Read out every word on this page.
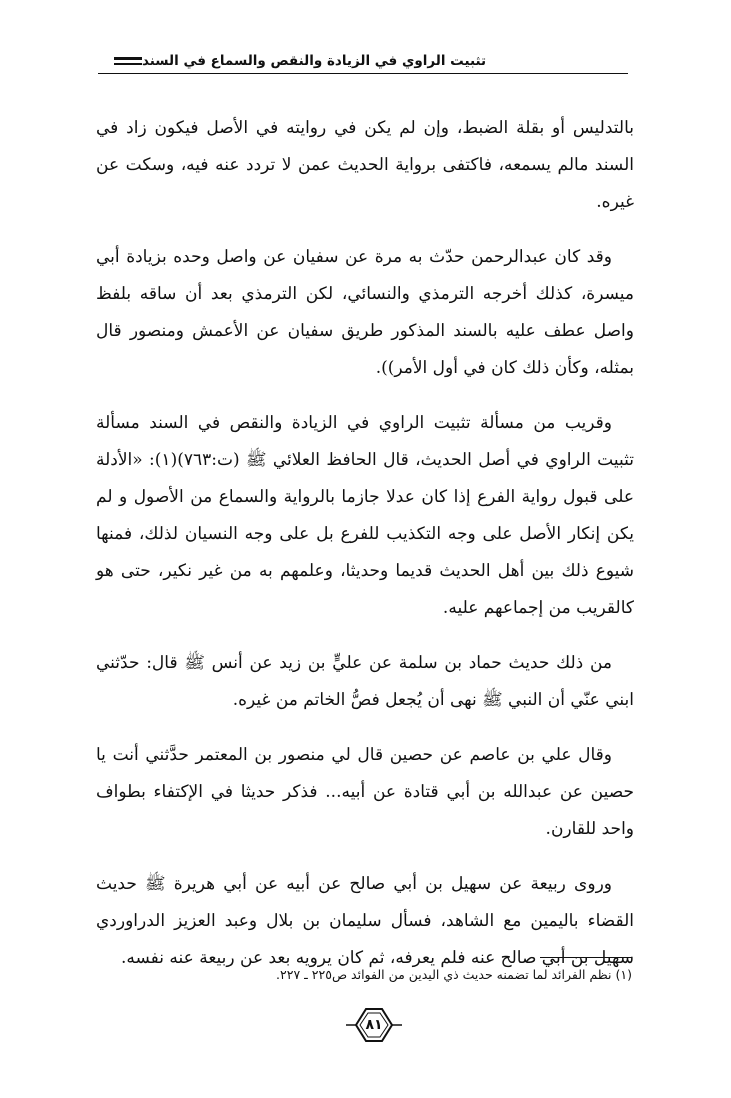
تثبيت الراوي في الزيادة والنقص والسماع في السند

بالتدليس أو بقلة الضبط، وإن لم يكن في روايته في الأصل فيكون زاد في السند مالم يسمعه، فاكتفى برواية الحديث عمن لا تردد عنه فيه، وسكت عن غيره.

وقد كان عبدالرحمن حدّث به مرة عن سفيان عن واصل وحده بزيادة أبي ميسرة، كذلك أخرجه الترمذي والنسائي، لكن الترمذي بعد أن ساقه بلفظ واصل عطف عليه بالسند المذكور طريق سفيان عن الأعمش ومنصور قال بمثله، وكأن ذلك كان في أول الأمر)).

وقريب من مسألة تثبيت الراوي في الزيادة والنقص في السند مسألة تثبيت الراوي في أصل الحديث، قال الحافظ العلائي ﷺ (ت:٧٦٣)(١): «الأدلة على قبول رواية الفرع إذا كان عدلا جازما بالرواية والسماع من الأصول و لم يكن إنكار الأصل على وجه التكذيب للفرع بل على وجه النسيان لذلك، فمنها شيوع ذلك بين أهل الحديث قديما وحديثا، وعلمهم به من غير نكير، حتى هو كالقريب من إجماعهم عليه.

من ذلك حديث حماد بن سلمة عن عليٍّ بن زيد عن أنس ﷺ قال: حدّثني ابني عنّي أن النبي ﷺ نهى أن يُجعل فصُّ الخاتم من غيره.

وقال علي بن عاصم عن حصين قال لي منصور بن المعتمر حدَّثني أنت يا حصين عن عبدالله بن أبي قتادة عن أبيه... فذكر حديثا في الإكتفاء بطواف واحد للقارن.

وروى ربيعة عن سهيل بن أبي صالح عن أبيه عن أبي هريرة ﷺ حديث القضاء باليمين مع الشاهد، فسأل سليمان بن بلال وعبد العزيز الدراوردي سهيل بن أبي صالح عنه فلم يعرفه، ثم كان يرويه بعد عن ربيعة عنه نفسه.

(١) نظم الفرائد لما تضمنه حديث ذي اليدين من الفوائد ص٢٢٥ ـ ٢٢٧.
٨١
